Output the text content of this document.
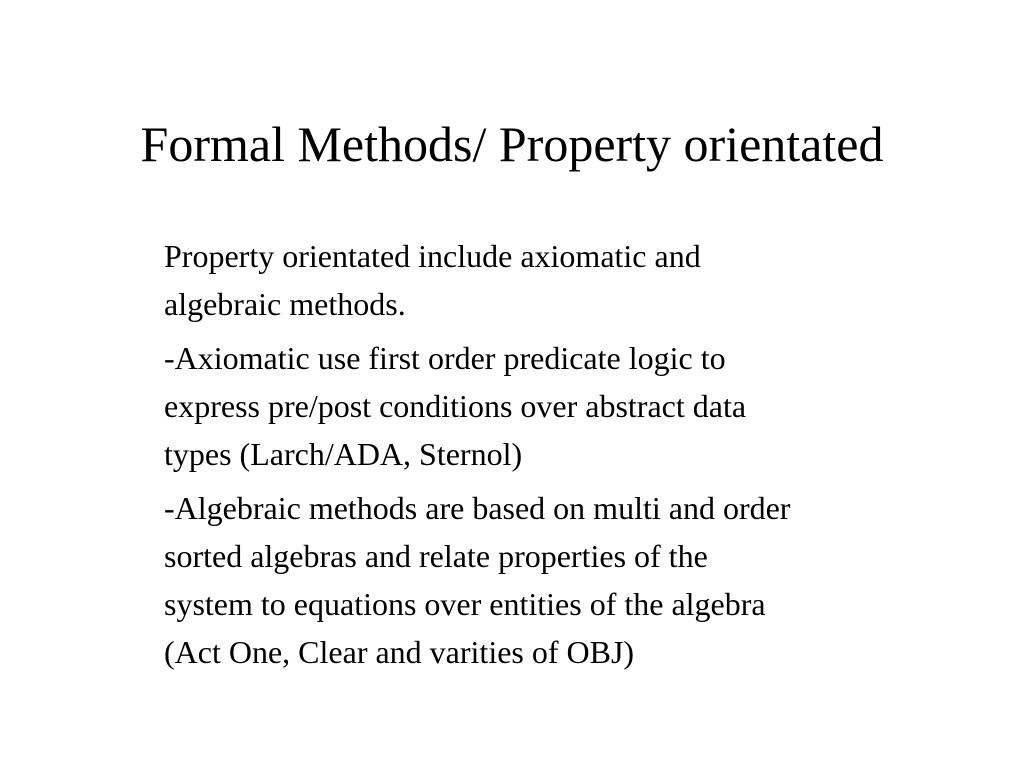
Formal Methods/ Property orientated
Property orientated include axiomatic and
algebraic methods.
-Axiomatic use first order predicate logic to
express pre/post conditions over abstract data
types (Larch/ADA, Sternol)
-Algebraic methods are based on multi and order
sorted algebras and relate properties of the
system to equations over entities of the algebra
(Act One, Clear and varities of OBJ)
